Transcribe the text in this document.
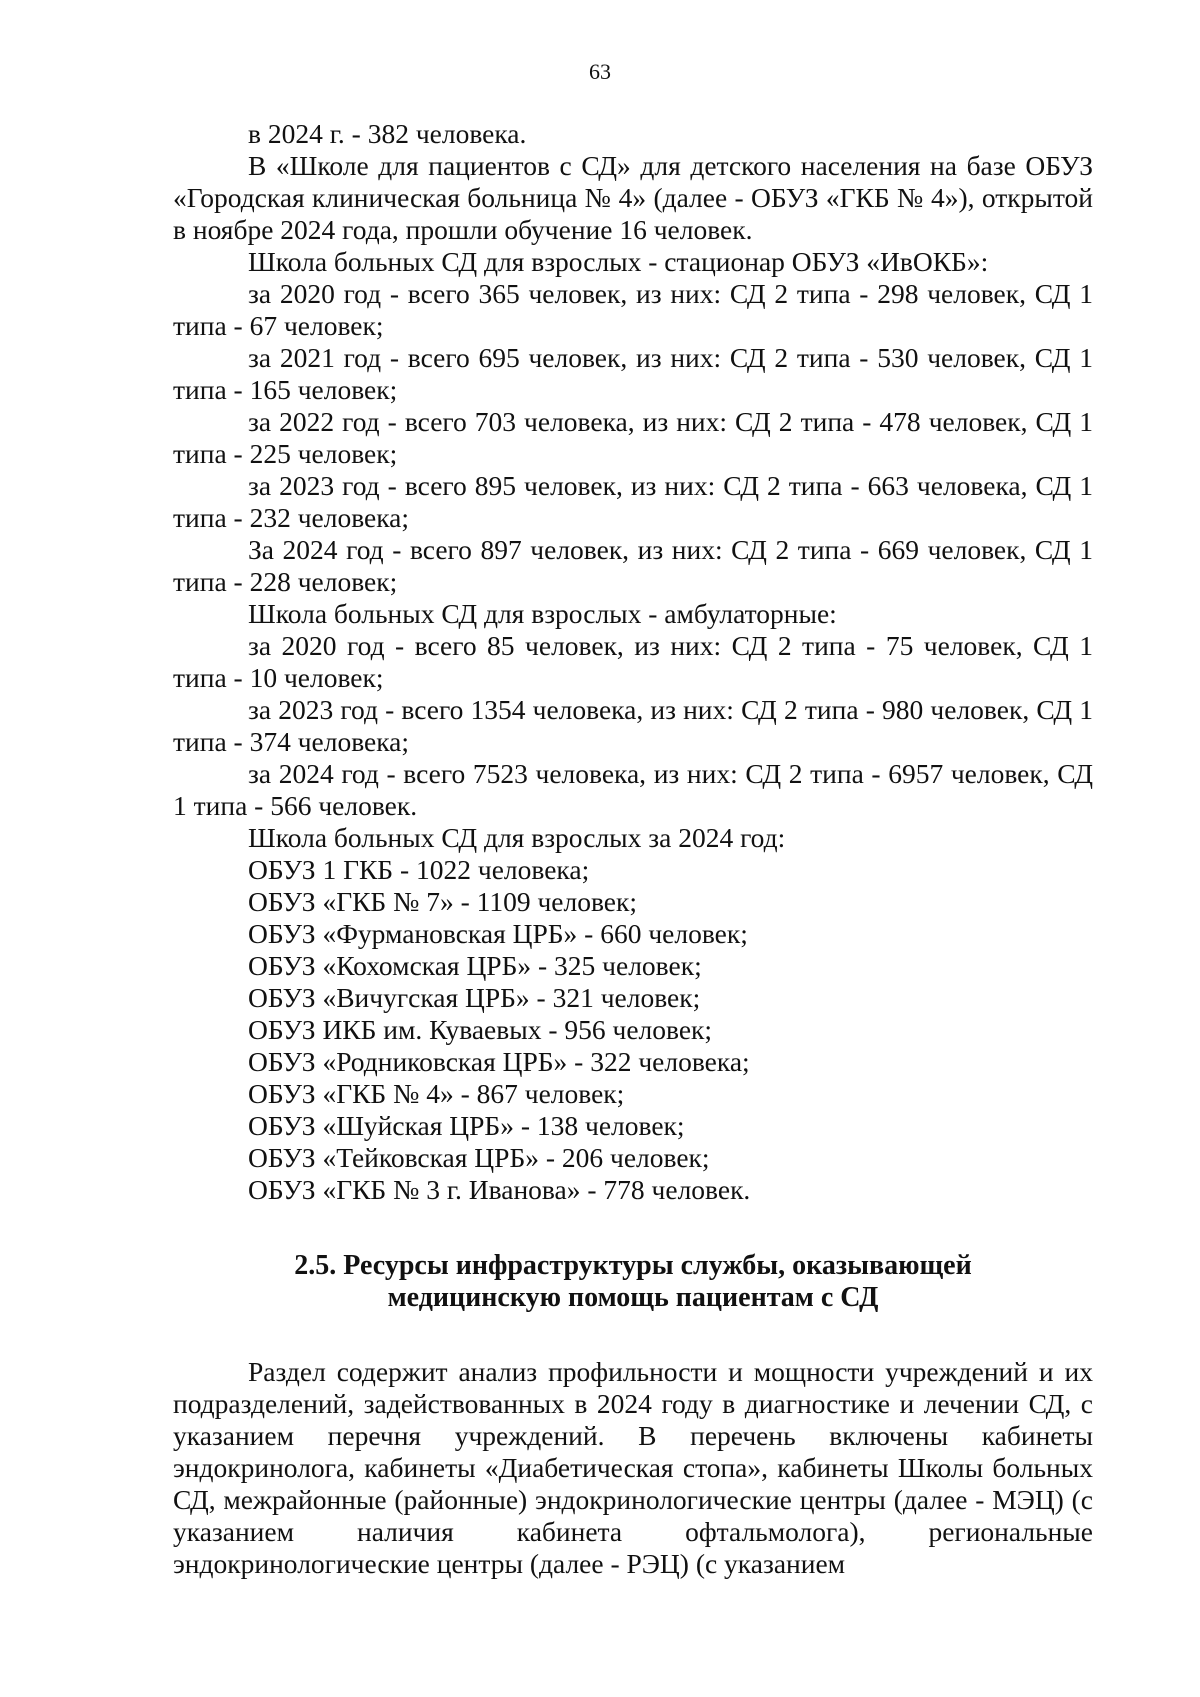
63

в 2024 г. - 382 человека.

В «Школе для пациентов с СД» для детского населения на базе ОБУЗ «Городская клиническая больница № 4» (далее - ОБУЗ «ГКБ № 4»), открытой в ноябре 2024 года, прошли обучение 16 человек.

Школа больных СД для взрослых - стационар ОБУЗ «ИвОКБ»:

за 2020 год - всего 365 человек, из них: СД 2 типа - 298 человек, СД 1 типа - 67 человек;

за 2021 год - всего 695 человек, из них: СД 2 типа - 530 человек, СД 1 типа - 165 человек;

за 2022 год - всего 703 человека, из них: СД 2 типа - 478 человек, СД 1 типа - 225 человек;

за 2023 год - всего 895 человек, из них: СД 2 типа - 663 человека, СД 1 типа - 232 человека;

За 2024 год - всего 897 человек, из них: СД 2 типа - 669 человек, СД 1 типа - 228 человек;

Школа больных СД для взрослых - амбулаторные:

за 2020 год - всего 85 человек, из них: СД 2 типа - 75 человек, СД 1 типа - 10 человек;

за 2023 год - всего 1354 человека, из них: СД 2 типа - 980 человек, СД 1 типа - 374 человека;

за 2024 год - всего 7523 человека, из них: СД 2 типа - 6957 человек, СД 1 типа - 566 человек.

Школа больных СД для взрослых за 2024 год:

ОБУЗ 1 ГКБ - 1022 человека;

ОБУЗ «ГКБ № 7» - 1109 человек;

ОБУЗ «Фурмановская ЦРБ» - 660 человек;

ОБУЗ «Кохомская ЦРБ» - 325 человек;

ОБУЗ «Вичугская ЦРБ» - 321 человек;

ОБУЗ ИКБ им. Куваевых - 956 человек;

ОБУЗ «Родниковская ЦРБ» - 322 человека;

ОБУЗ «ГКБ № 4» - 867 человек;

ОБУЗ «Шуйская ЦРБ» - 138 человек;

ОБУЗ «Тейковская ЦРБ» - 206 человек;

ОБУЗ «ГКБ № 3 г. Иванова» - 778 человек.

2.5. Ресурсы инфраструктуры службы, оказывающей
медицинскую помощь пациентам с СД

Раздел содержит анализ профильности и мощности учреждений и их подразделений, задействованных в 2024 году в диагностике и лечении СД, с указанием перечня учреждений. В перечень включены кабинеты эндокринолога, кабинеты «Диабетическая стопа», кабинеты Школы больных СД, межрайонные (районные) эндокринологические центры (далее - МЭЦ) (с указанием наличия кабинета офтальмолога), региональные эндокринологические центры (далее - РЭЦ) (с указанием
